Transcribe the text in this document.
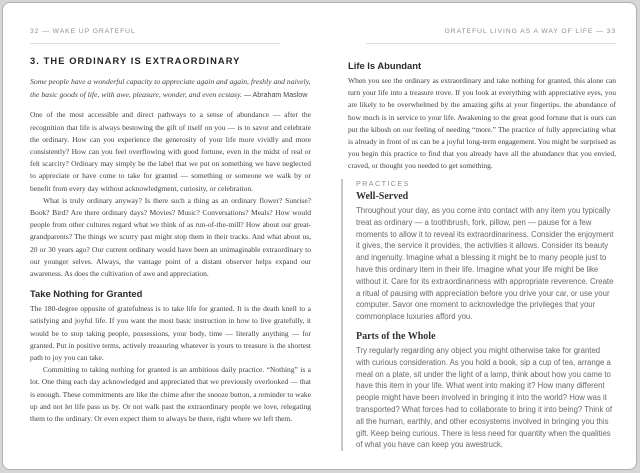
32 — WAKE UP GRATEFUL	GRATEFUL LIVING AS A WAY OF LIFE — 33
3. THE ORDINARY IS EXTRAORDINARY

Some people have a wonderful capacity to appreciate again and again, freshly and naively, the basic goods of life, with awe, pleasure, wonder, and even ecstasy. — Abraham Maslow

One of the most accessible and direct pathways to a sense of abundance — after the recognition that life is always bestowing the gift of itself on you — is to savor and celebrate the ordinary. How can you experience the generosity of your life more vividly and more consistently? How can you feel overflowing with good fortune, even in the midst of real or felt scarcity? Ordinary may simply be the label that we put on something we have neglected to appreciate or have come to take for granted — something or someone we walk by or benefit from every day without acknowledgment, curiosity, or celebration.

What is truly ordinary anyway? Is there such a thing as an ordinary flower? Sunrise? Book? Bird? Are there ordinary days? Movies? Music? Conversations? Meals? How would people from other cultures regard what we think of as run-of-the-mill? How about our great-grandparents? The things we scurry past might stop them in their tracks. And what about us, 20 or 30 years ago? Our current ordinary would have been an unimaginable extraordinary to our younger selves. Always, the vantage point of a distant observer helps expand our awareness. As does the cultivation of awe and appreciation.

Take Nothing for Granted

The 180-degree opposite of gratefulness is to take life for granted. It is the death knell to a satisfying and joyful life. If you want the most basic instruction in how to live gratefully, it would be to stop taking people, possessions, your body, time — literally anything — for granted. Put in positive terms, actively treasuring whatever is yours to treasure is the shortest path to joy you can take.

Committing to taking nothing for granted is an ambitious daily practice. “Nothing” is a lot. One thing each day acknowledged and appreciated that we previously overlooked — that is enough. These commitments are like the chime after the snooze button, a reminder to wake up and not let life pass us by. Or not walk past the extraordinary people we love, relegating them to the ordinary. Or even expect them to always be there, right where we left them.

Life Is Abundant

When you see the ordinary as extraordinary and take nothing for granted, this alone can turn your life into a treasure trove. If you look at everything with appreciative eyes, you are likely to be overwhelmed by the amazing gifts at your fingertips, the abundance of how much is in service to your life. Awakening to the great good fortune that is ours can put the kibosh on our feeling of needing “more.” The practice of fully appreciating what is already in front of us can be a joyful long-term engagement. You might be surprised as you begin this practice to find that you already have all the abundance that you envied, craved, or thought you needed to get something.

PRACTICES
Well-Served

Throughout your day, as you come into contact with any item you typically treat as ordinary — a toothbrush, fork, pillow, pen — pause for a few moments to allow it to reveal its extraordinariness. Consider the enjoyment it gives, the service it provides, the activities it allows. Consider its beauty and ingenuity. Imagine what a blessing it might be to many people just to have this ordinary item in their life. Imagine what your life might be like without it. Care for its extraordinariness with appropriate reverence. Create a ritual of pausing with appreciation before you drive your car, or use your computer. Savor one moment to acknowledge the privileges that your commonplace luxuries afford you.

Parts of the Whole

Try regularly regarding any object you might otherwise take for granted with curious consideration. As you hold a book, sip a cup of tea, arrange a meal on a plate, sit under the light of a lamp, think about how you came to have this item in your life. What went into making it? How many different people might have been involved in bringing it into the world? How was it transported? What forces had to collaborate to bring it into being? Think of all the human, earthly, and other ecosystems involved in bringing you this gift. Keep being curious. There is less need for quantity when the qualities of what you have can keep you awestruck.
